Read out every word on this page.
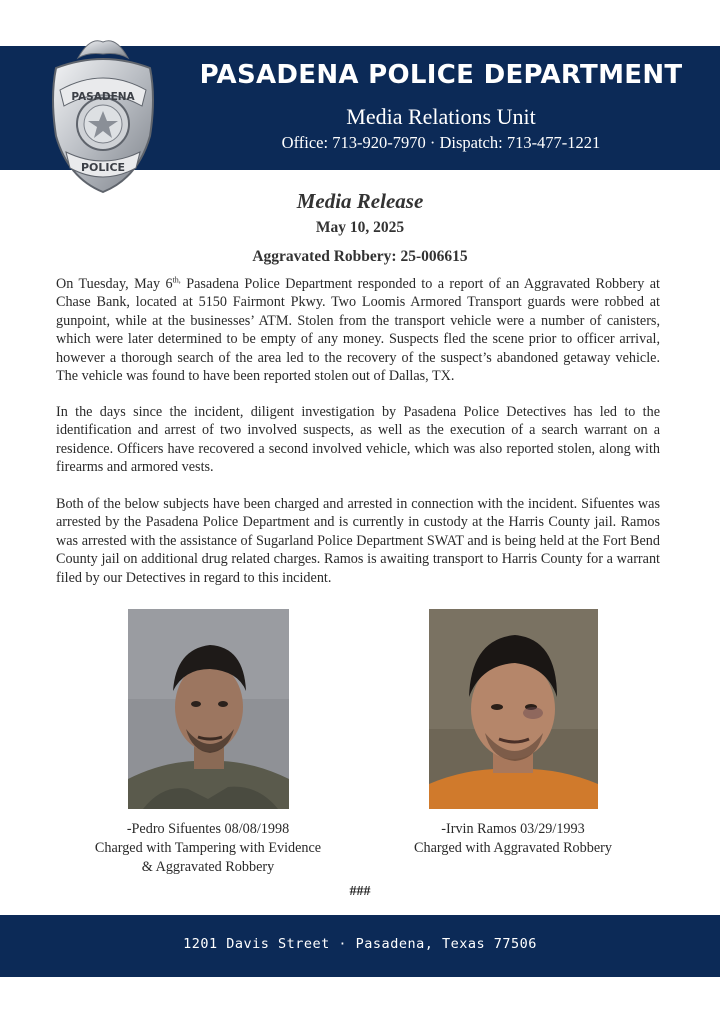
PASADENA
POLICE
PASADENA POLICE DEPARTMENT
Media Relations Unit
Office: 713-920-7970 · Dispatch: 713-477-1221
Media Release
May 10, 2025
Aggravated Robbery: 25-006615
On Tuesday, May $6^{th,}$ Pasadena Police Department responded to a report of an Aggravated Robbery at Chase Bank, located at 5150 Fairmont Pkwy. Two Loomis Armored Transport guards were robbed at gunpoint, while at the businesses’ ATM. Stolen from the transport vehicle were a number of canisters, which were later determined to be empty of any money. Suspects fled the scene prior to officer arrival, however a thorough search of the area led to the recovery of the suspect’s abandoned getaway vehicle. The vehicle was found to have been reported stolen out of Dallas, TX.
In the days since the incident, diligent investigation by Pasadena Police Detectives has led to the identification and arrest of two involved suspects, as well as the execution of a search warrant on a residence. Officers have recovered a second involved vehicle, which was also reported stolen, along with firearms and armored vests.
Both of the below subjects have been charged and arrested in connection with the incident. Sifuentes was arrested by the Pasadena Police Department and is currently in custody at the Harris County jail. Ramos was arrested with the assistance of Sugarland Police Department SWAT and is being held at the Fort Bend County jail on additional drug related charges. Ramos is awaiting transport to Harris County for a warrant filed by our Detectives in regard to this incident.
-Pedro Sifuentes 08/08/1998
Charged with Tampering with Evidence
& Aggravated Robbery
-Irvin Ramos 03/29/1993
Charged with Aggravated Robbery
###
1201 Davis Street · Pasadena, Texas 77506
